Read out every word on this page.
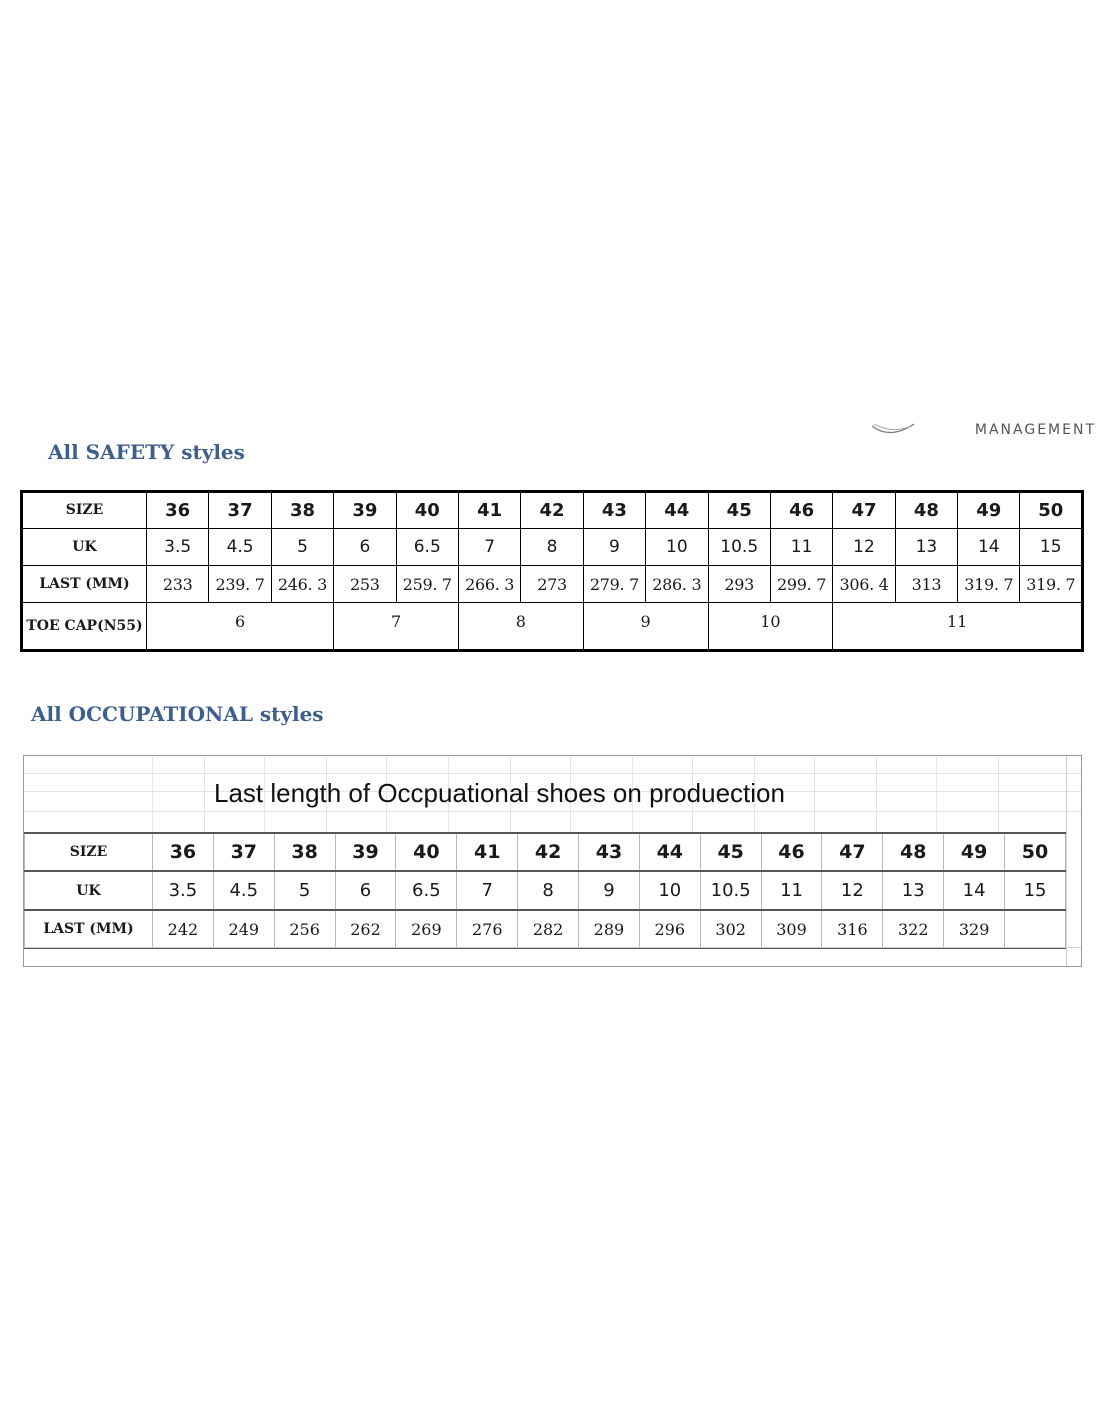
MANAGEMENT
All SAFETY styles
SIZE	36	37	38	39	40	41	42	43	44	45	46	47	48	49	50
UK	3.5	4.5	5	6	6.5	7	8	9	10	10.5	11	12	13	14	15
LAST (MM)	233	239. 7	246. 3	253	259. 7	266. 3	273	279. 7	286. 3	293	299. 7	306. 4	313	319. 7	319. 7
TOE CAP(N55)	6			7		8		9		10		11			
All OCCUPATIONAL styles
Last length of Occpuational shoes on produection
SIZE	36	37	38	39	40	41	42	43	44	45	46	47	48	49	50
UK	3.5	4.5	5	6	6.5	7	8	9	10	10.5	11	12	13	14	15
LAST (MM)	242	249	256	262	269	276	282	289	296	302	309	316	322	329	
